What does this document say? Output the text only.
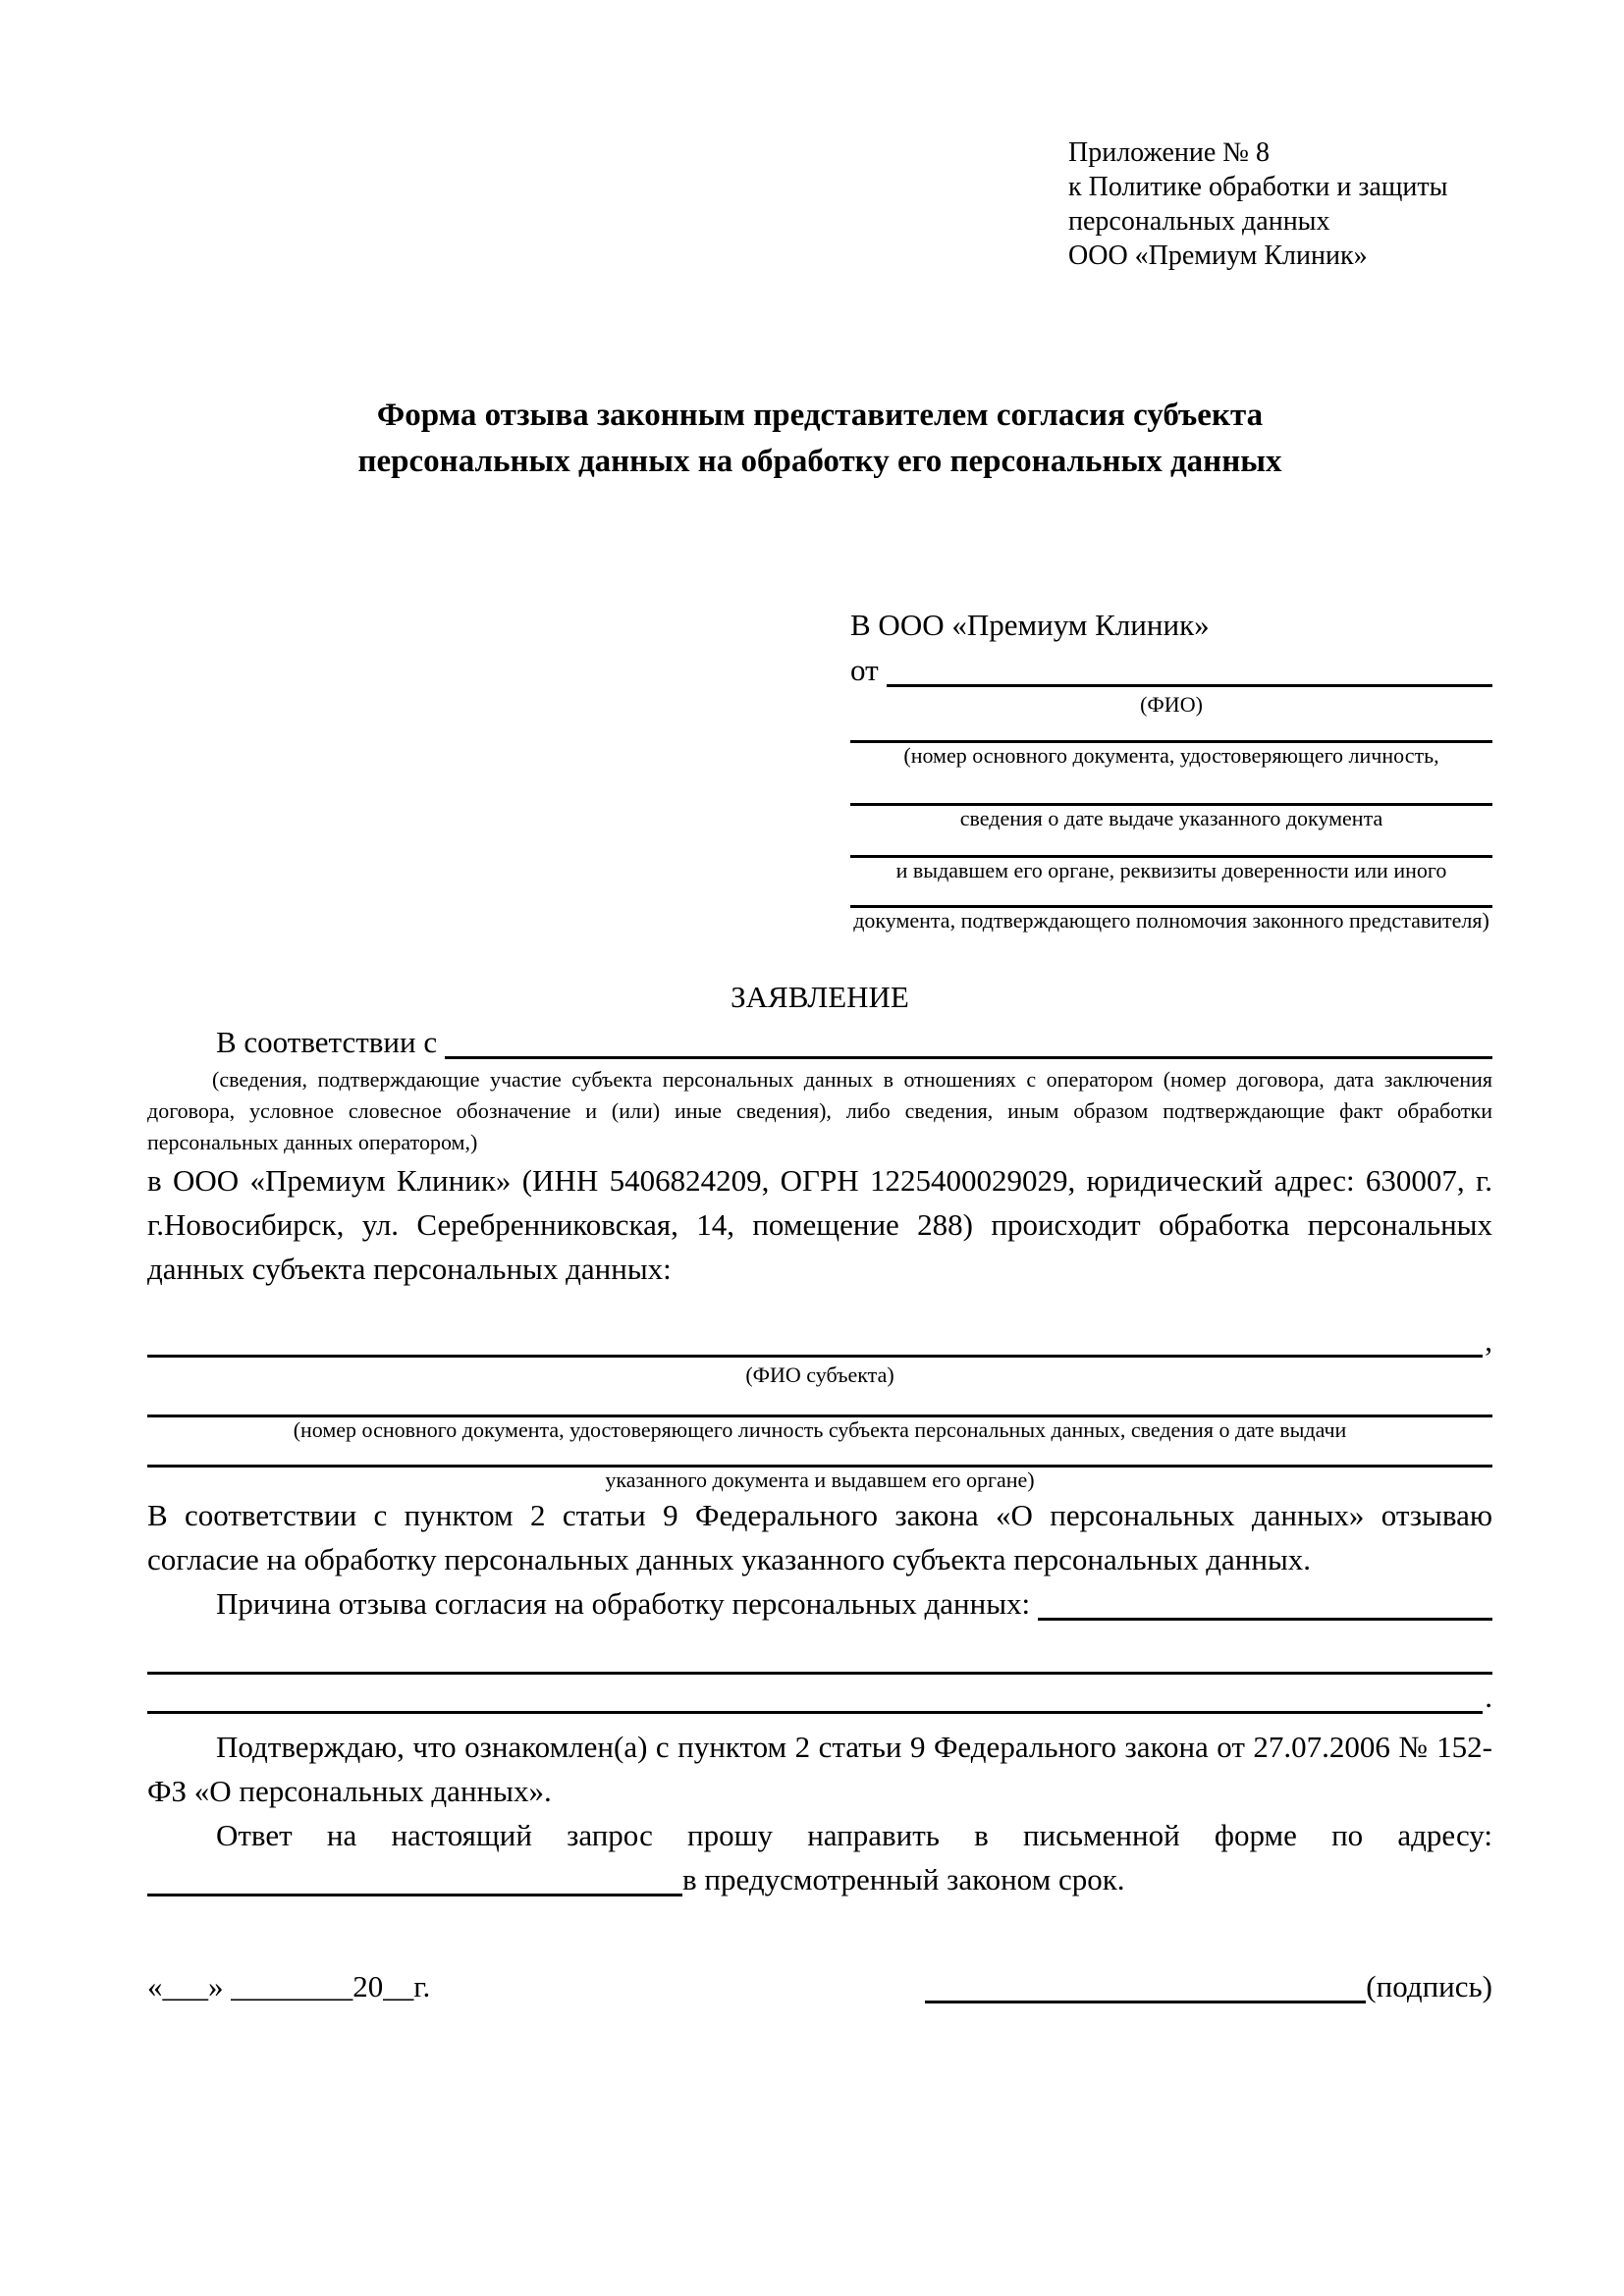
Приложение № 8
к Политике обработки и защиты
персональных данных
ООО «Премиум Клиник»
Форма отзыва законным представителем согласия субъекта
персональных данных на обработку его персональных данных
В ООО «Премиум Клиник»
от
(ФИО)
(номер основного документа, удостоверяющего личность,
сведения о дате выдаче указанного документа
и выдавшем его органе, реквизиты доверенности или иного
документа, подтверждающего полномочия законного представителя)
ЗАЯВЛЕНИЕ
В соответствии с

(сведения, подтверждающие участие субъекта персональных данных в отношениях с оператором (номер договора, дата заключения договора, условное словесное обозначение и (или) иные сведения), либо сведения, иным образом подтверждающие факт обработки персональных данных оператором,)

в ООО «Премиум Клиник» (ИНН 5406824209, ОГРН 1225400029029, юридический адрес: 630007, г. г.Новосибирск, ул. Серебренниковская, 14, помещение 288) происходит обработка персональных данных субъекта персональных данных:

,
(ФИО субъекта)
(номер основного документа, удостоверяющего личность субъекта персональных данных, сведения о дате выдачи
указанного документа и выдавшем его органе)

В соответствии с пунктом 2 статьи 9 Федерального закона «О персональных данных» отзываю согласие на обработку персональных данных указанного субъекта персональных данных.

Причина отзыва согласия на обработку персональных данных:
.

Подтверждаю, что ознакомлен(а) с пунктом 2 статьи 9 Федерального закона от 27.07.2006 № 152-ФЗ «О персональных данных».

Ответ на настоящий запрос прошу направить в письменной форме по адресу:

в предусмотренный законом срок.
«___» ________20__г.	(подпись)
